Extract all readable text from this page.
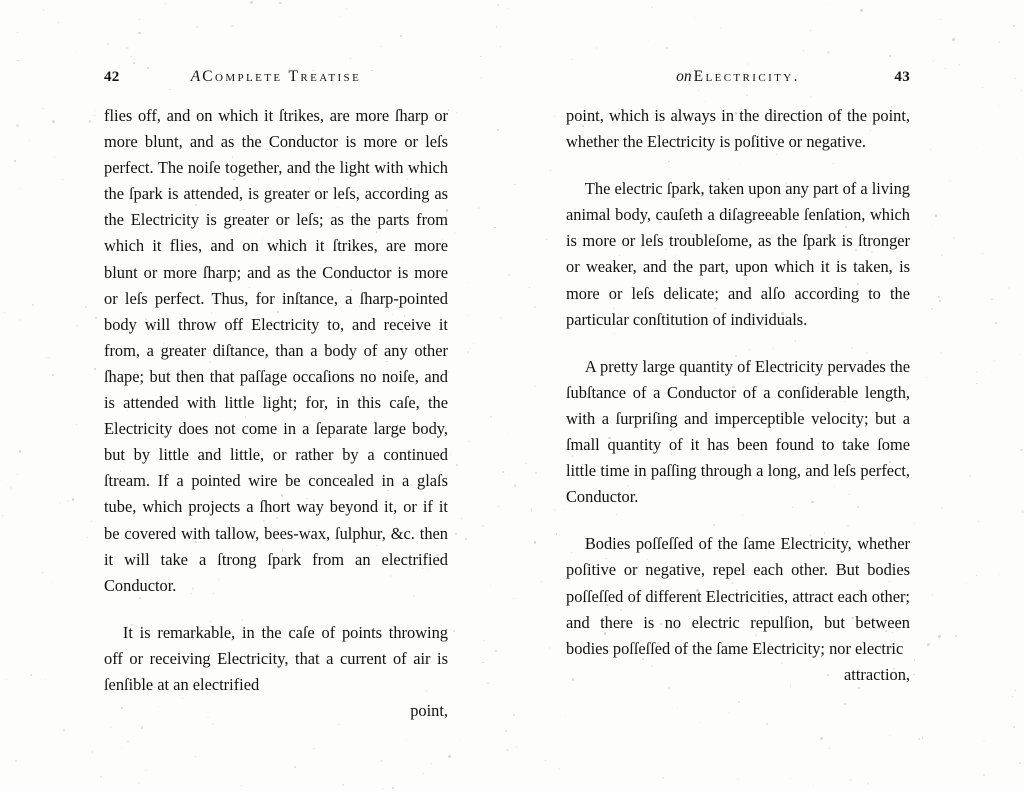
42	A Complete Treatise

flies off, and on which it ſtrikes, are more ſharp or more blunt, and as the Conductor is more or leſs perfect. The noiſe together, and the light with which the ſpark is attended, is greater or leſs, according as the Electricity is greater or leſs; as the parts from which it flies, and on which it ſtrikes, are more blunt or more ſharp; and as the Conductor is more or leſs perfect. Thus, for inſtance, a ſharp-pointed body will throw off Electricity to, and receive it from, a greater diſtance, than a body of any other ſhape; but then that paſſage occaſions no noiſe, and is attended with little light; for, in this caſe, the Electricity does not come in a ſeparate large body, but by little and little, or rather by a continued ſtream. If a pointed wire be concealed in a glaſs tube, which projects a ſhort way beyond it, or if it be covered with tallow, bees-wax, ſulphur, &c. then it will take a ſtrong ſpark from an electrified Conductor.

It is remarkable, in the caſe of points throwing off or receiving Electricity, that a current of air is ſenſible at an electrified

point,

on Electricity.	43

point, which is always in the direction of the point, whether the Electricity is poſitive or negative.

The electric ſpark, taken upon any part of a living animal body, cauſeth a diſagreeable ſenſation, which is more or leſs troubleſome, as the ſpark is ſtronger or weaker, and the part, upon which it is taken, is more or leſs delicate; and alſo according to the particular conſtitution of individuals.

A pretty large quantity of Electricity pervades the ſubſtance of a Conductor of a conſiderable length, with a ſurpriſing and imperceptible velocity; but a ſmall quantity of it has been found to take ſome little time in paſſing through a long, and leſs perfect, Conductor.

Bodies poſſeſſed of the ſame Electricity, whether poſitive or negative, repel each other. But bodies poſſeſſed of different Electricities, attract each other; and there is no electric repulſion, but between bodies poſſeſſed of the ſame Electricity; nor electric

attraction,
